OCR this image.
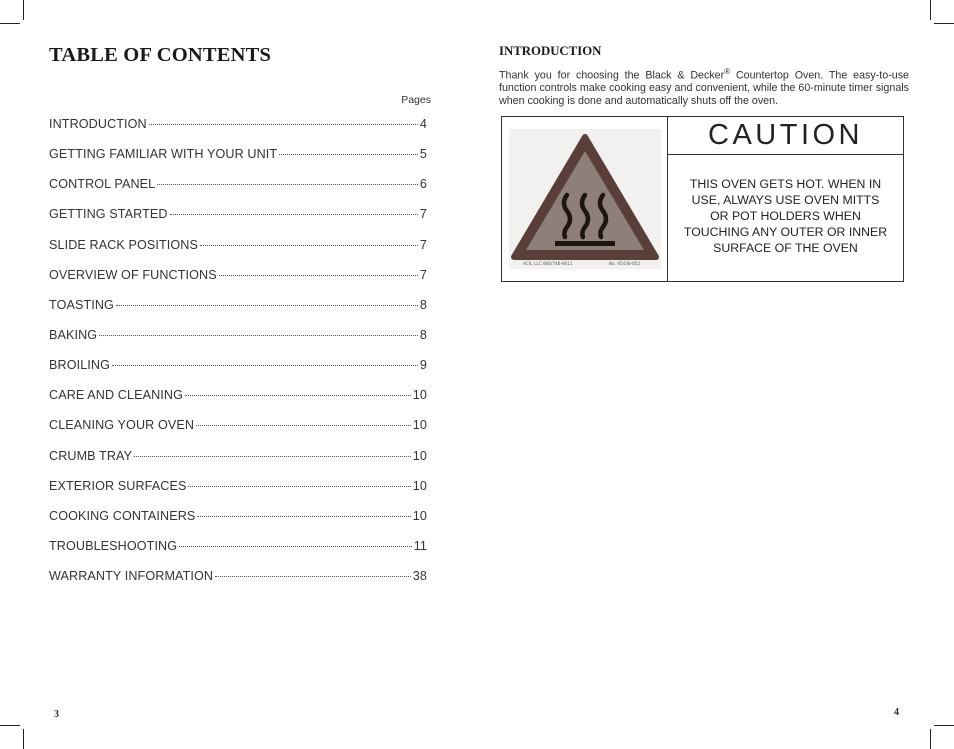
TABLE OF CONTENTS
Pages
INTRODUCTION	4
GETTING FAMILIAR WITH YOUR UNIT	5
CONTROL PANEL	6
GETTING STARTED	7
SLIDE RACK POSITIONS	7
OVERVIEW OF FUNCTIONS	7
TOASTING	8
BAKING	8
BROILING	9
CARE AND CLEANING	10
CLEANING YOUR OVEN	10
CRUMB TRAY	10
EXTERIOR SURFACES	10
COOKING CONTAINERS	10
TROUBLESHOOTING	11
WARRANTY INFORMATION	38
3
INTRODUCTION

Thank you for choosing the Black & Decker® Countertop Oven. The easy-to-use function controls make cooking easy and convenient, while the 60-minute timer signals when cooking is done and automatically shuts off the oven.

ACS, LLC 800/746-6611	No. 95438-852
CAUTION
THIS OVEN GETS HOT. WHEN IN USE, ALWAYS USE OVEN MITTS OR POT HOLDERS WHEN TOUCHING ANY OUTER OR INNER SURFACE OF THE OVEN
4
